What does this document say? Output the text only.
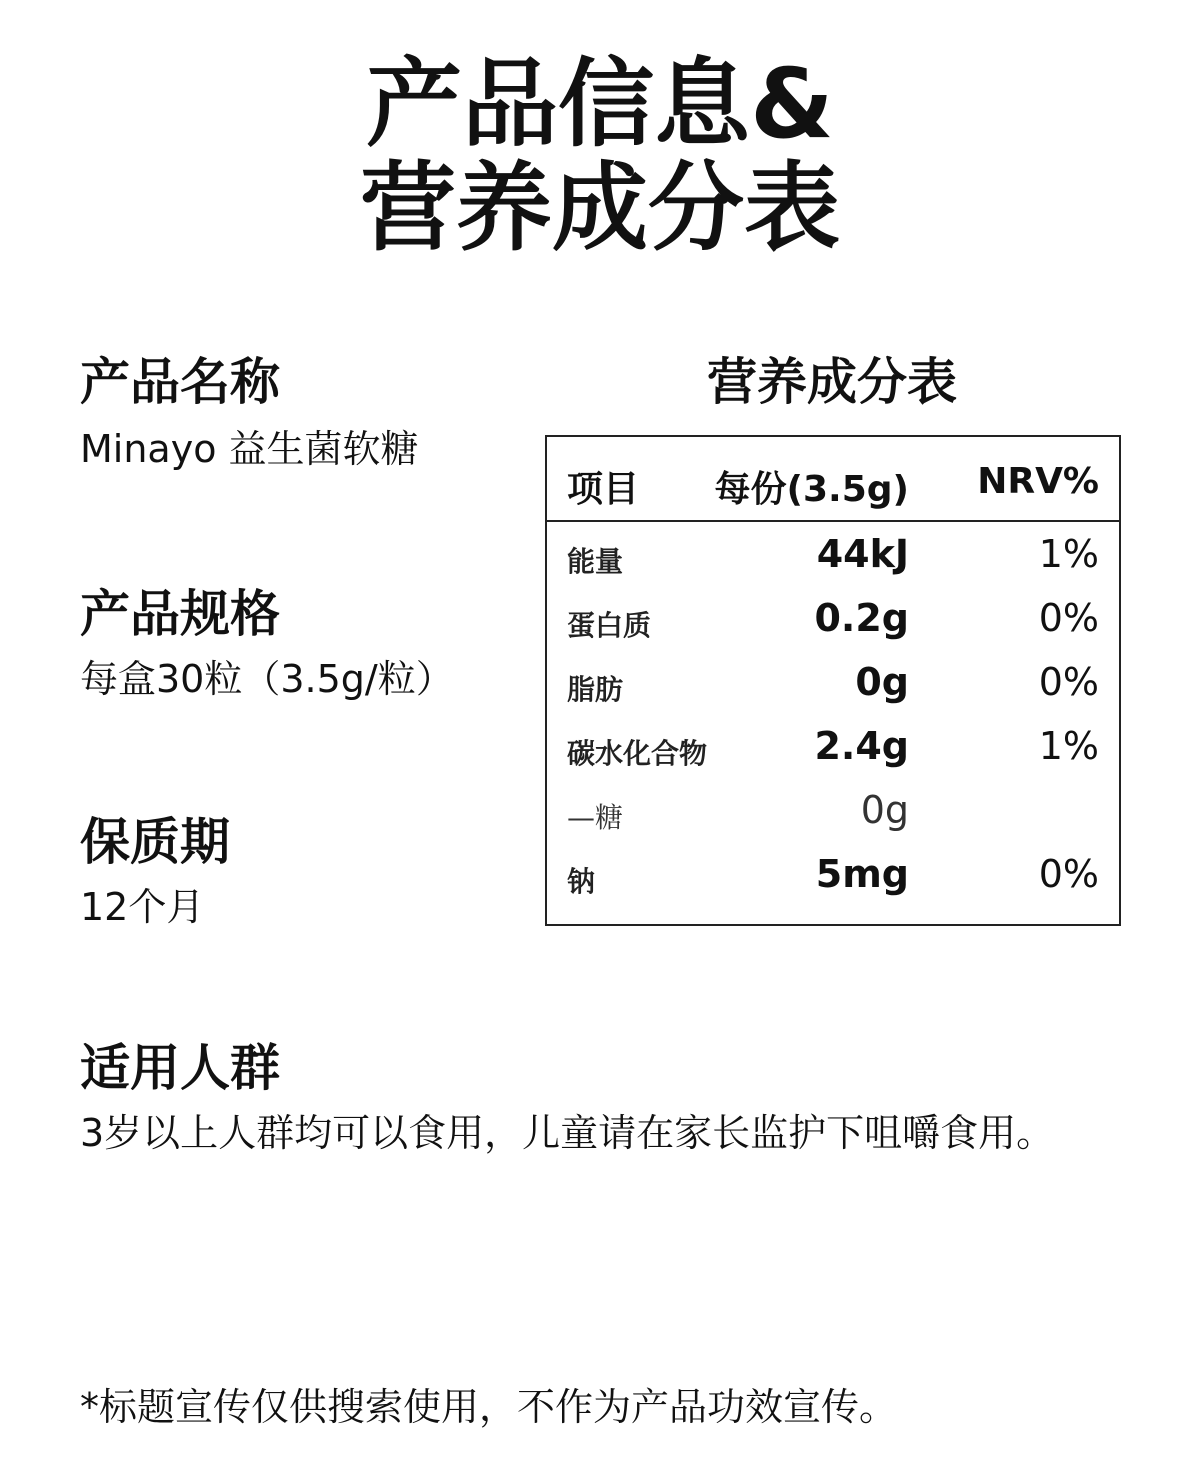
产品信息&
营养成分表
产品名称
Minayo 益生菌软糖
产品规格
每盒30粒（3.5g/粒）
保质期
12个月
适用人群
3岁以上人群均可以食用，儿童请在家长监护下咀嚼食用。
营养成分表
项目 每份(3.5g) NRV%
能量	44kJ	1%
蛋白质	0.2g	0%
脂肪	0g	0%
碳水化合物	2.4g	1%
—糖	0g
钠	5mg	0%
*标题宣传仅供搜索使用，不作为产品功效宣传。
